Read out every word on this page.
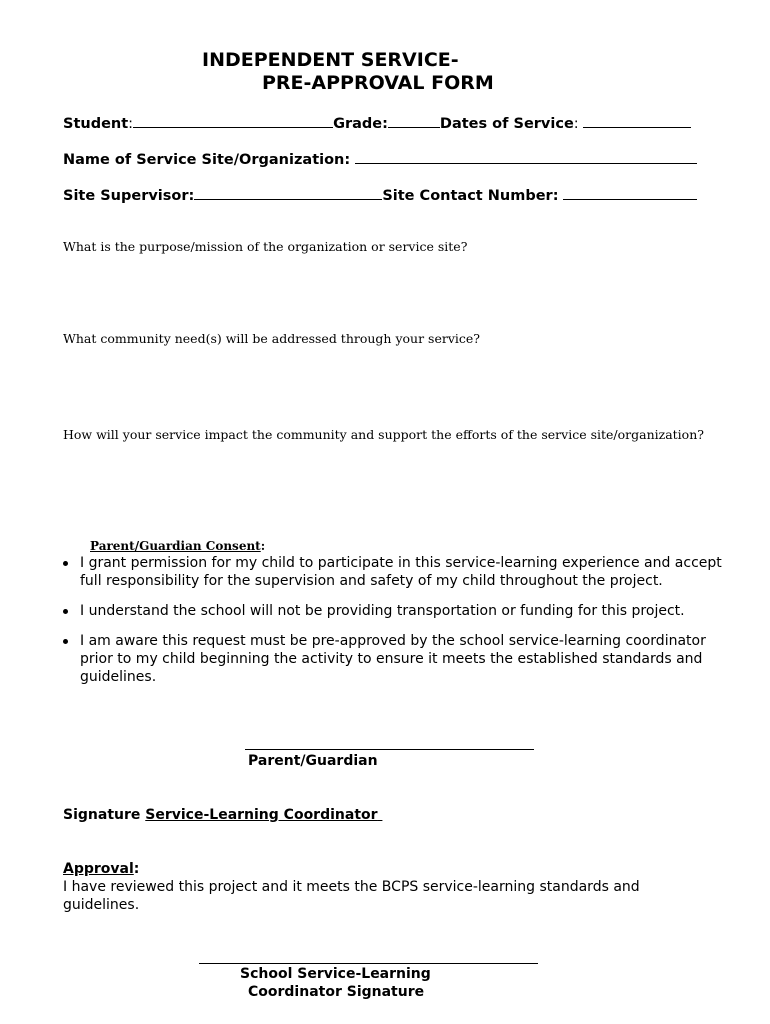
INDEPENDENT SERVICE-
PRE-APPROVAL FORM
Student:	Grade:	Dates of Service:
Name of Service Site/Organization:
Site Supervisor:	Site Contact Number:
What is the purpose/mission of the organization or service site?
What community need(s) will be addressed through your service?
How will your service impact the community and support the efforts of the service site/organization?
Parent/Guardian Consent:
I grant permission for my child to participate in this service-learning experience and accept full responsibility for the supervision and safety of my child throughout the project.
I understand the school will not be providing transportation or funding for this project.
I am aware this request must be pre-approved by the school service-learning coordinator prior to my child beginning the activity to ensure it meets the established standards and guidelines.
Parent/Guardian
Signature Service-Learning Coordinator
Approval:
I have reviewed this project and it meets the BCPS service-learning standards and guidelines.
School Service-Learning
Coordinator Signature
